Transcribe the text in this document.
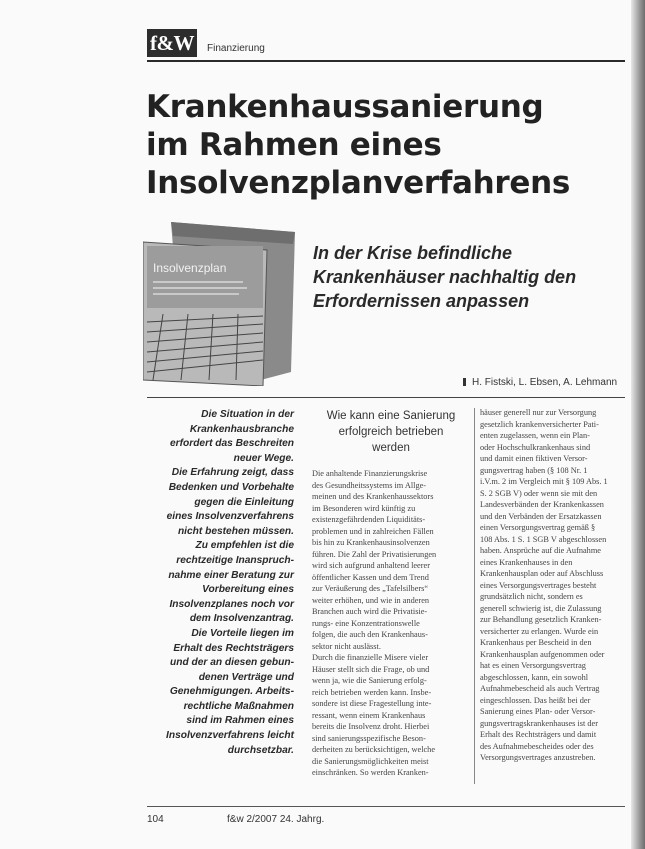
f&W	Finanzierung
Krankenhaussanierung
im Rahmen eines
Insolvenzplanverfahrens
Insolvenzplan
In der Krise befindliche
Krankenhäuser nachhaltig den
Erfordernissen anpassen
H. Fistski, L. Ebsen, A. Lehmann

Die Situation in der
Krankenhausbranche
erfordert das Beschreiten
neuer Wege.
Die Erfahrung zeigt, dass
Bedenken und Vorbehalte
gegen die Einleitung
eines Insolvenzverfahrens
nicht bestehen müssen.
Zu empfehlen ist die
rechtzeitige Inanspruch-
nahme einer Beratung zur
Vorbereitung eines
Insolvenzplanes noch vor
dem Insolvenzantrag.
Die Vorteile liegen im
Erhalt des Rechtsträgers
und der an diesen gebun-
denen Verträge und
Genehmigungen. Arbeits-
rechtliche Maßnahmen
sind im Rahmen eines
Insolvenzverfahrens leicht
durchsetzbar.

Wie kann eine Sanierung
erfolgreich betrieben
werden

Die anhaltende Finanzierungskrise
des Gesundheitssystems im Allge-
meinen und des Krankenhaussektors
im Besonderen wird künftig zu
existenzgefährdenden Liquiditäts-
problemen und in zahlreichen Fällen
bis hin zu Krankenhausinsolvenzen
führen. Die Zahl der Privatisierungen
wird sich aufgrund anhaltend leerer
öffentlicher Kassen und dem Trend
zur Veräußerung des „Tafelsilbers“
weiter erhöhen, und wie in anderen
Branchen auch wird die Privatisie-
rungs- eine Konzentrationswelle
folgen, die auch den Krankenhaus-
sektor nicht auslässt.
Durch die finanzielle Misere vieler
Häuser stellt sich die Frage, ob und
wenn ja, wie die Sanierung erfolg-
reich betrieben werden kann. Insbe-
sondere ist diese Fragestellung inte-
ressant, wenn einem Krankenhaus
bereits die Insolvenz droht. Hierbei
sind sanierungsspezifische Beson-
derheiten zu berücksichtigen, welche
die Sanierungsmöglichkeiten meist
einschränken. So werden Kranken-
häuser generell nur zur Versorgung
gesetzlich krankenversicherter Pati-
enten zugelassen, wenn ein Plan-
oder Hochschulkrankenhaus sind
und damit einen fiktiven Versor-
gungsvertrag haben (§ 108 Nr. 1
i.V.m. 2 im Vergleich mit § 109 Abs. 1
S. 2 SGB V) oder wenn sie mit den
Landesverbänden der Krankenkassen
und den Verbänden der Ersatzkassen
einen Versorgungsvertrag gemäß §
108 Abs. 1 S. 1 SGB V abgeschlossen
haben. Ansprüche auf die Aufnahme
eines Krankenhauses in den
Krankenhausplan oder auf Abschluss
eines Versorgungsvertrages besteht
grundsätzlich nicht, sondern es
generell schwierig ist, die Zulassung
zur Behandlung gesetzlich Kranken-
versicherter zu erlangen. Wurde ein
Krankenhaus per Bescheid in den
Krankenhausplan aufgenommen oder
hat es einen Versorgungsvertrag
abgeschlossen, kann, ein sowohl
Aufnahmebescheid als auch Vertrag
eingeschlossen. Das heißt bei der
Sanierung eines Plan- oder Versor-
gungsvertragskrankenhauses ist der
Erhalt des Rechtsträgers und damit
des Aufnahmebescheides oder des
Versorgungsvertrages anzustreben.
104	f&w 2/2007 24. Jahrg.
